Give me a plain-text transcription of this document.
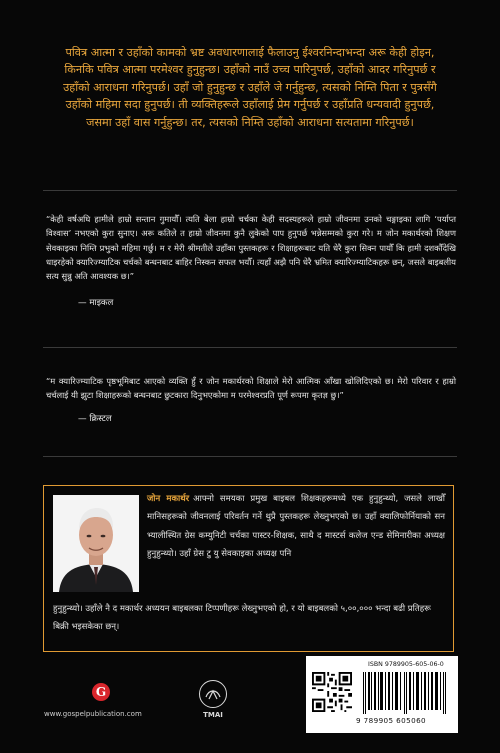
पवित्र आत्मा र उहाँको कामको भ्रष्ट अवधारणालाई फैलाउनु ईश्वरनिन्दाभन्दा अरू केही होइन, किनकि पवित्र आत्मा परमेश्वर हुनुहुन्छ। उहाँको नाउँ उच्च पारिनुपर्छ, उहाँको आदर गरिनुपर्छ र उहाँको आराधना गरिनुपर्छ। उहाँ जो हुनुहुन्छ र उहाँले जे गर्नुहुन्छ, त्यसको निम्ति पिता र पुत्रसँगै उहाँको महिमा सदा हुनुपर्छ। ती व्यक्तिहरूले उहाँलाई प्रेम गर्नुपर्छ र उहाँप्रति धन्यवादी हुनुपर्छ, जसमा उहाँ वास गर्नुहुन्छ। तर, त्यसको निम्ति उहाँको आराधना सत्यतामा गरिनुपर्छ।
“केही वर्षअघि हामीले हाम्रो सन्तान गुमायौँ। त्यति बेला हाम्रो चर्चका केही सदस्यहरूले हाम्रो जीवनमा उनको चङ्गाइका लागि ‘पर्याप्त विश्वास’ नभएको कुरा सुनाए। अरू कतिले त हाम्रो जीवनमा कुनै लुकेको पाप हुनुपर्छ भन्नेसम्मको कुरा गरे। म जोन मकार्थरको शिक्षण सेवकाइका निम्ति प्रभुको महिमा गर्छु। म र मेरी श्रीमतीले उहाँका पुस्तकहरू र शिक्षाहरूबाट यति धेरै कुरा सिक्न पायौँ कि हामी दशकौँदेखि धाइरहेको क्यारिज्म्याटिक चर्चको बन्धनबाट बाहिर निस्कन सफल भयौँ। त्यहाँ अझै पनि धेरै भ्रमित क्यारिज्म्याटिकहरू छन्, जसले बाइबलीय सत्य सुन्नु अति आवश्यक छ।”
— माइकल
“म क्यारिज्म्याटिक पृष्ठभूमिबाट आएको व्यक्ति हुँ र जोन मकार्थरको शिक्षाले मेरो आत्मिक आँखा खोलिदिएको छ। मेरो परिवार र हाम्रो चर्चलाई यी झुटा शिक्षाहरूको बन्धनबाट छुटकारा दिनुभएकोमा म परमेश्वरप्रति पूर्ण रूपमा कृतज्ञ छु।”
— क्रिस्टल
जोन मकार्थर आफ्नो समयका प्रमुख बाइबल शिक्षकहरूमध्ये एक हुनुहुन्थ्यो, जसले लाखौँ मानिसहरूको जीवनलाई परिवर्तन गर्ने थुप्रै पुस्तकहरू लेख्नुभएको छ। उहाँ क्यालिफोर्नियाको सन भ्यालीस्थित ग्रेस कम्युनिटी चर्चका पास्टर-शिक्षक, साथै द मास्टर्स कलेज एन्ड सेमिनारीका अध्यक्ष हुनुहुन्थ्यो। उहाँ ग्रेस टु यु सेवकाइका अध्यक्ष पनि
हुनुहुन्थ्यो। उहाँले नै द मकार्थर अध्ययन बाइबलका टिप्पणीहरू लेख्नुभएको हो, र यो बाइबलको ५,००,००० भन्दा बढी प्रतिहरू बिक्री भइसकेका छन्।
G
www.gospelpublication.com	TMAI
ISBN 9789905-605-06-0
9 789905 605060
